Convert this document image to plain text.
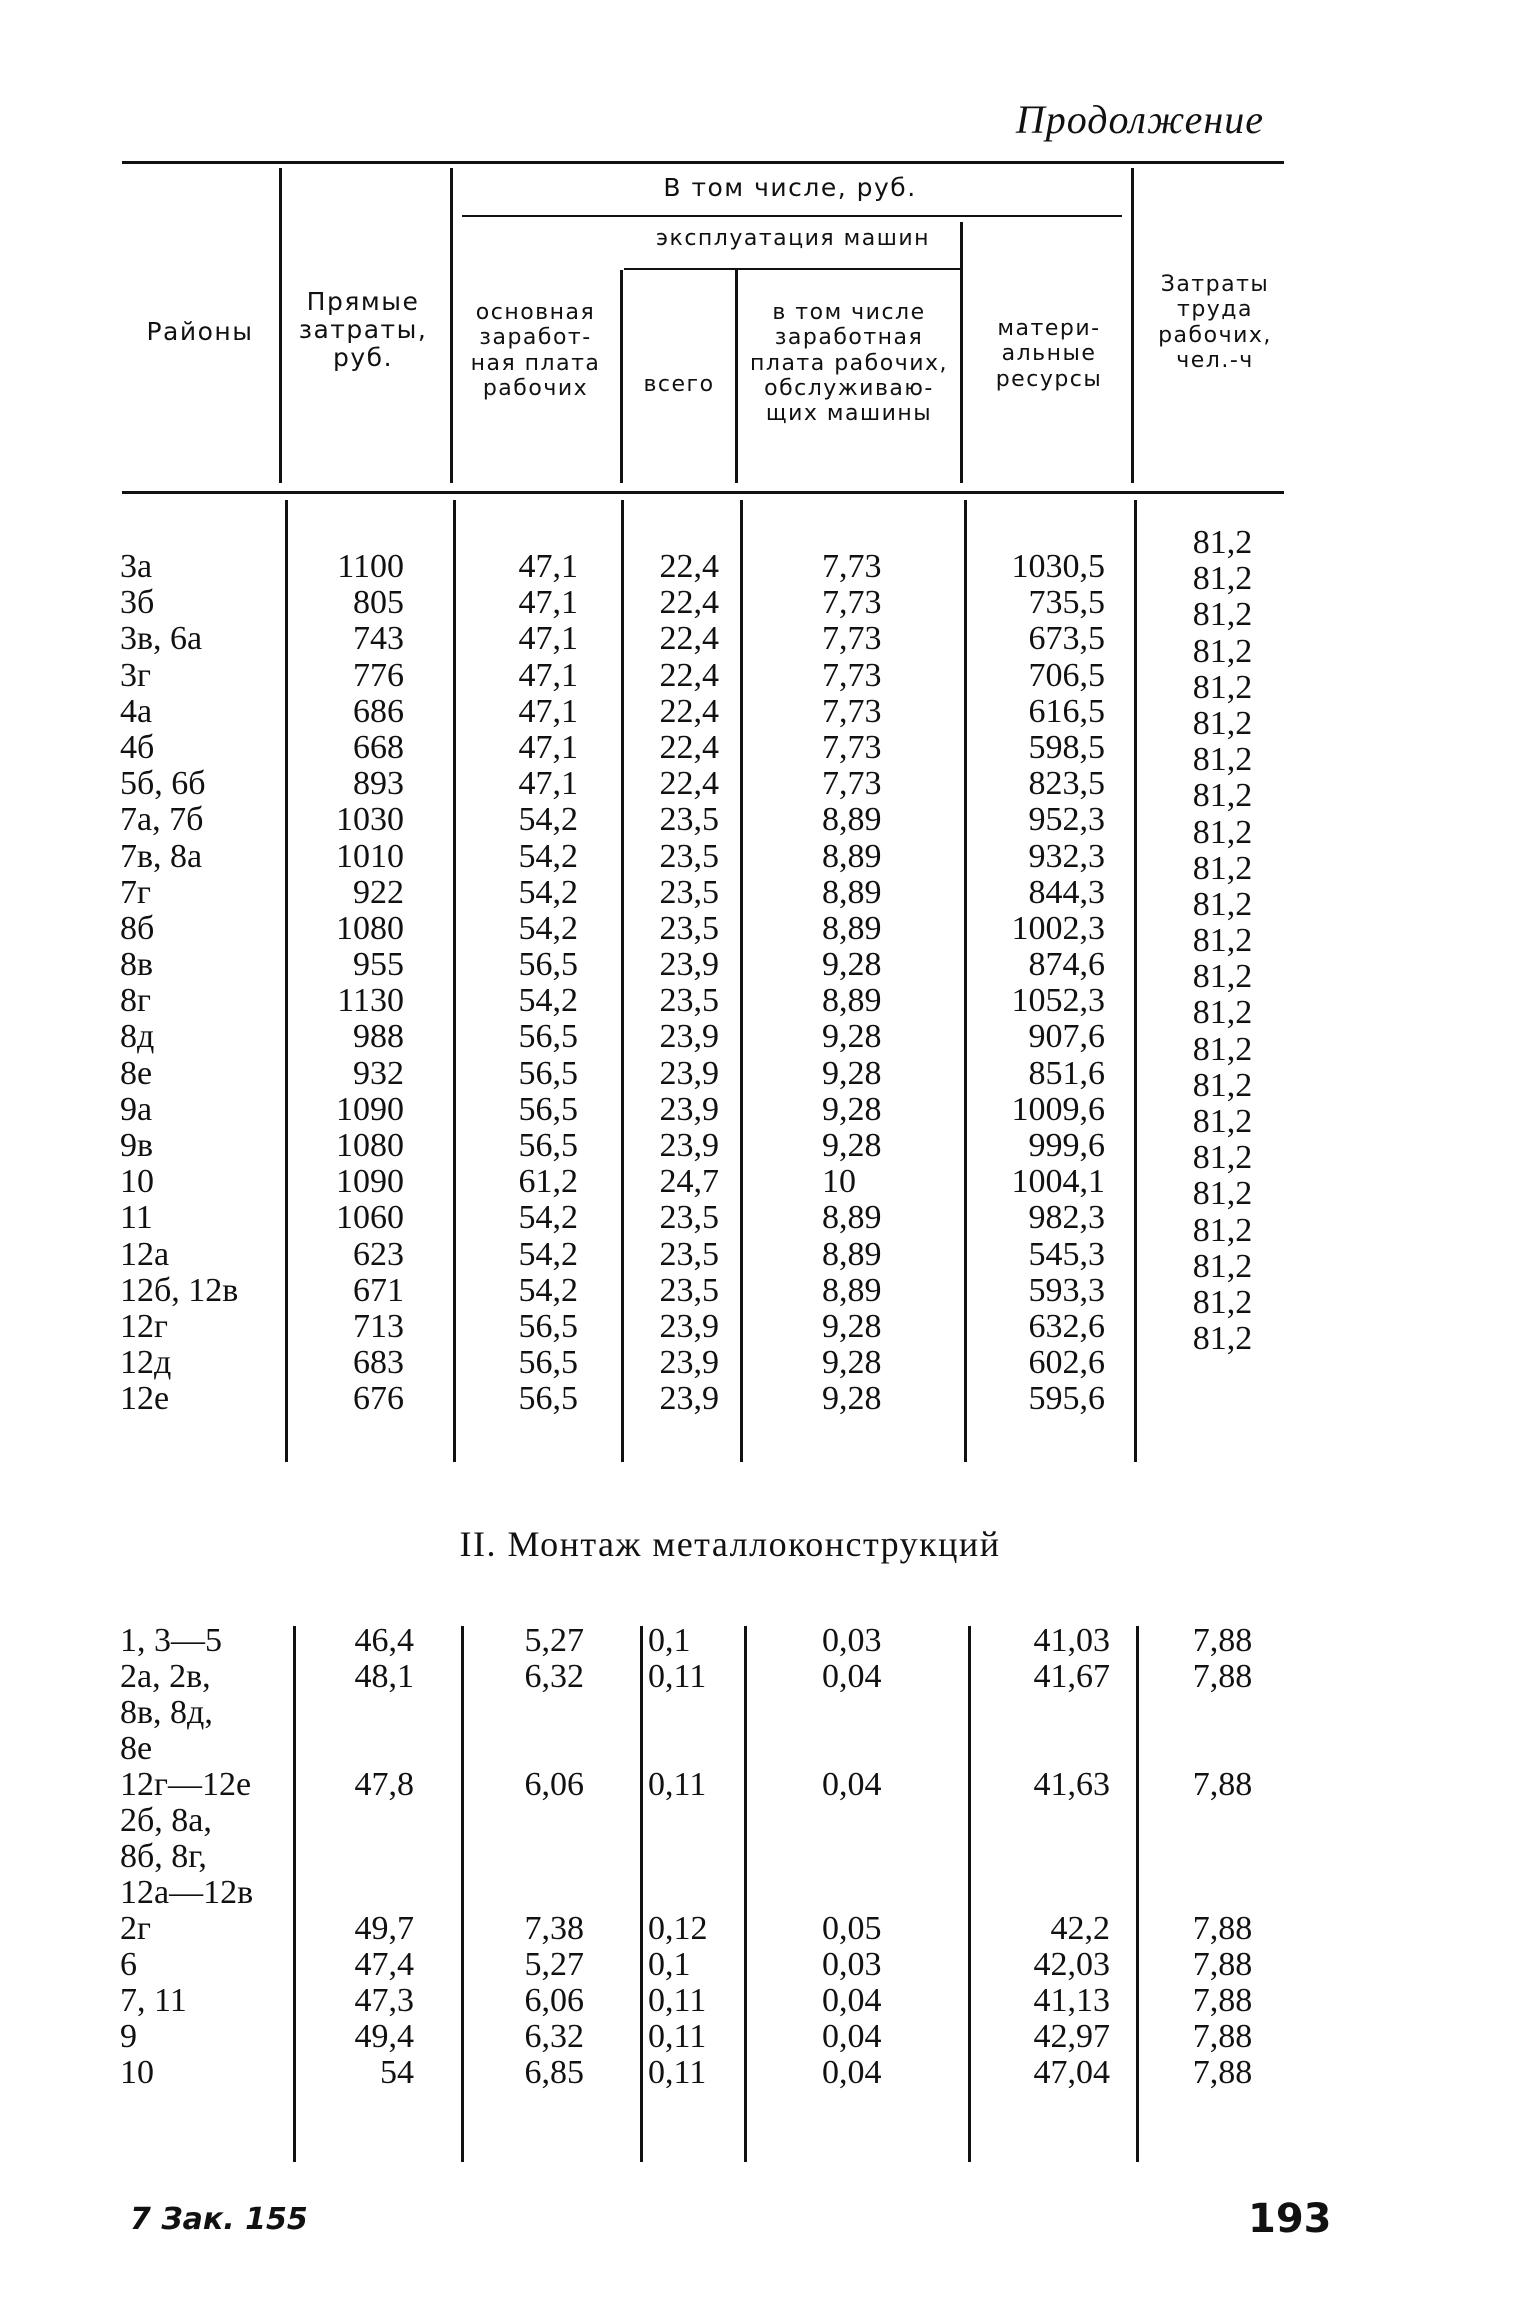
Продолжение
Районы
Прямые затраты, руб.
В том числе, руб.
эксплуатация машин
основная заработ-ная плата рабочих	всего
в том числе заработная плата рабочих, обслуживаю-щих машины
матери-альные ресурсы
Затраты труда рабочих, чел.-ч
3а
3б
3в, 6а
3г
4а
4б
5б, 6б
7а, 7б
7в, 8а
7г
8б
8в
8г
8д
8е
9а
9в
10
11
12а
12б, 12в
12г
12д
12е
1100
805
743
776
686
668
893
1030
1010
922
1080
955
1130
988
932
1090
1080
1090
1060
623
671
713
683
676
47,1
47,1
47,1
47,1
47,1
47,1
47,1
54,2
54,2
54,2
54,2
56,5
54,2
56,5
56,5
56,5
56,5
61,2
54,2
54,2
54,2
56,5
56,5
56,5
22,4
22,4
22,4
22,4
22,4
22,4
22,4
23,5
23,5
23,5
23,5
23,9
23,5
23,9
23,9
23,9
23,9
24,7
23,5
23,5
23,5
23,9
23,9
23,9
7,73
7,73
7,73
7,73
7,73
7,73
7,73
8,89
8,89
8,89
8,89
9,28
8,89
9,28
9,28
9,28
9,28
10
8,89
8,89
8,89
9,28
9,28
9,28
1030,5
735,5
673,5
706,5
616,5
598,5
823,5
952,3
932,3
844,3
1002,3
874,6
1052,3
907,6
851,6
1009,6
999,6
1004,1
982,3
545,3
593,3
632,6
602,6
595,6
81,2
81,2
81,2
81,2
81,2
81,2
81,2
81,2
81,2
81,2
81,2
81,2
81,2
81,2
81,2
81,2
81,2
81,2
81,2
81,2
81,2
81,2
81,2
II. Монтаж металлоконструкций
1, 3—5
2а, 2в,
8в, 8д,
8е
12г—12е
2б, 8а,
8б, 8г,
12а—12в
2г
6
7, 11
9
10
46,4
48,1
47,8
49,7
47,4
47,3
49,4
54
5,27
6,32
6,06
7,38
5,27
6,06
6,32
6,85
0,1
0,11
0,11
0,12
0,1
0,11
0,11
0,11
0,03
0,04
0,04
0,05
0,03
0,04
0,04
0,04
41,03
41,67
41,63
42,2
42,03
41,13
42,97
47,04
7,88
7,88
7,88
7,88
7,88
7,88
7,88
7,88
7 Зак. 155	193
